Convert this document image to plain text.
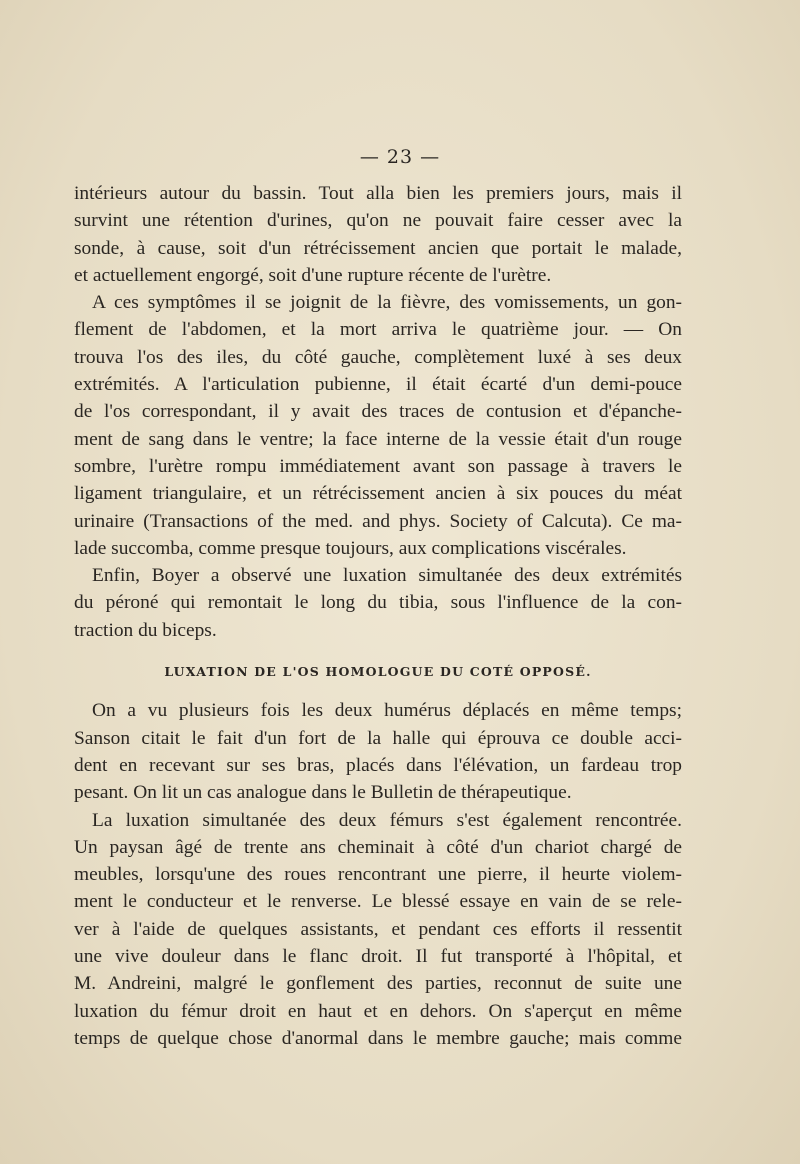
— 23 —
intérieurs autour du bassin. Tout alla bien les premiers jours, mais il
survint une rétention d'urines, qu'on ne pouvait faire cesser avec la
sonde, à cause, soit d'un rétrécissement ancien que portait le malade,
et actuellement engorgé, soit d'une rupture récente de l'urètre.
A ces symptômes il se joignit de la fièvre, des vomissements, un gon-
flement de l'abdomen, et la mort arriva le quatrième jour. — On
trouva l'os des iles, du côté gauche, complètement luxé à ses deux
extrémités. A l'articulation pubienne, il était écarté d'un demi-pouce
de l'os correspondant, il y avait des traces de contusion et d'épanche-
ment de sang dans le ventre; la face interne de la vessie était d'un rouge
sombre, l'urètre rompu immédiatement avant son passage à travers le
ligament triangulaire, et un rétrécissement ancien à six pouces du méat
urinaire (Transactions of the med. and phys. Society of Calcuta). Ce ma-
lade succomba, comme presque toujours, aux complications viscérales.
Enfin, Boyer a observé une luxation simultanée des deux extrémités
du péroné qui remontait le long du tibia, sous l'influence de la con-
traction du biceps.
LUXATION DE L'OS HOMOLOGUE DU COTÉ OPPOSÉ.
On a vu plusieurs fois les deux humérus déplacés en même temps;
Sanson citait le fait d'un fort de la halle qui éprouva ce double acci-
dent en recevant sur ses bras, placés dans l'élévation, un fardeau trop
pesant. On lit un cas analogue dans le Bulletin de thérapeutique.
La luxation simultanée des deux fémurs s'est également rencontrée.
Un paysan âgé de trente ans cheminait à côté d'un chariot chargé de
meubles, lorsqu'une des roues rencontrant une pierre, il heurte violem-
ment le conducteur et le renverse. Le blessé essaye en vain de se rele-
ver à l'aide de quelques assistants, et pendant ces efforts il ressentit
une vive douleur dans le flanc droit. Il fut transporté à l'hôpital, et
M. Andreini, malgré le gonflement des parties, reconnut de suite une
luxation du fémur droit en haut et en dehors. On s'aperçut en même
temps de quelque chose d'anormal dans le membre gauche; mais comme
